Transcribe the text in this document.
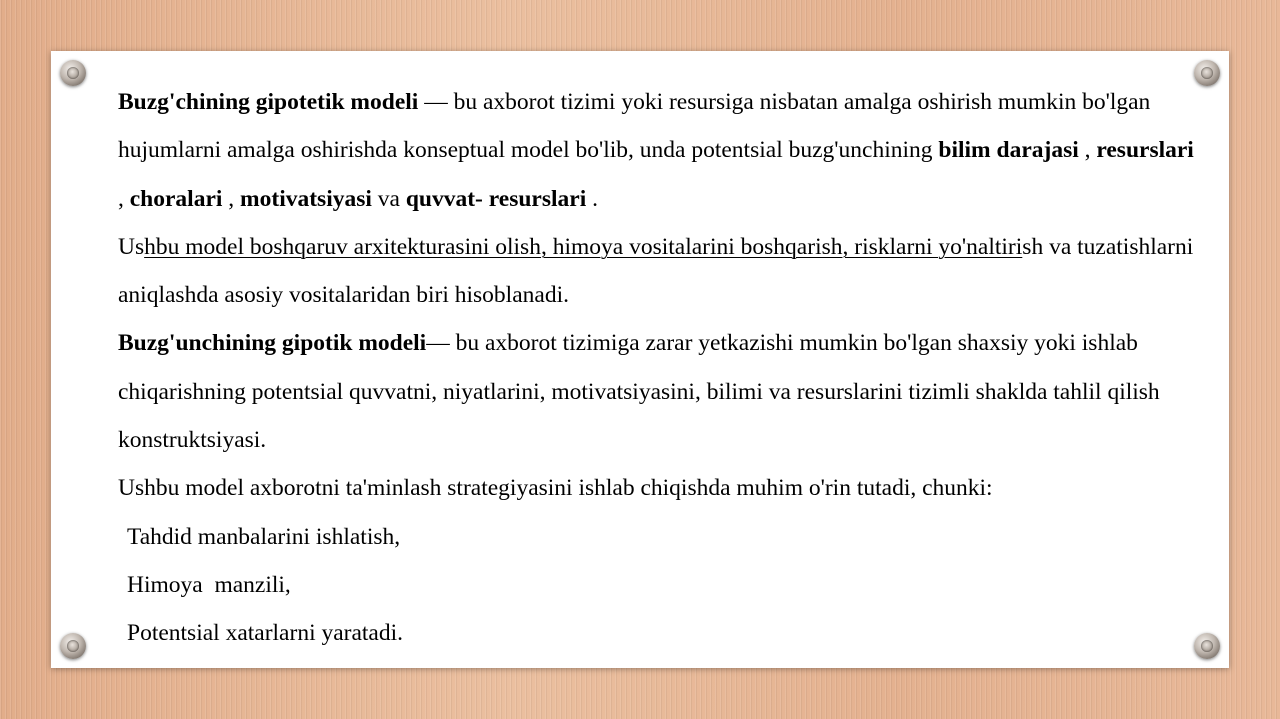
Buzg'chining gipotetik modeli — bu axborot tizimi yoki resursiga nisbatan amalga oshirish mumkin bo'lgan hujumlarni amalga oshirishda konseptual model bo'lib, unda potentsial buzg'unchining bilim darajasi , resurslari , choralari , motivatsiyasi va quvvat- resurslari .

Ushbu model boshqaruv arxitekturasini olish, himoya vositalarini boshqarish, risklarni yo'naltirish va tuzatishlarni aniqlashda asosiy vositalaridan biri hisoblanadi.

Buzg'unchining gipotik modeli— bu axborot tizimiga zarar yetkazishi mumkin bo'lgan shaxsiy yoki ishlab chiqarishning potentsial quvvatni, niyatlarini, motivatsiyasini, bilimi va resurslarini tizimli shaklda tahlil qilish konstruktsiyasi.

Ushbu model axborotni ta'minlash strategiyasini ishlab chiqishda muhim o'rin tutadi, chunki:

Tahdid manbalarini ishlatish,

Himoya  manzili,

Potentsial xatarlarni yaratadi.
